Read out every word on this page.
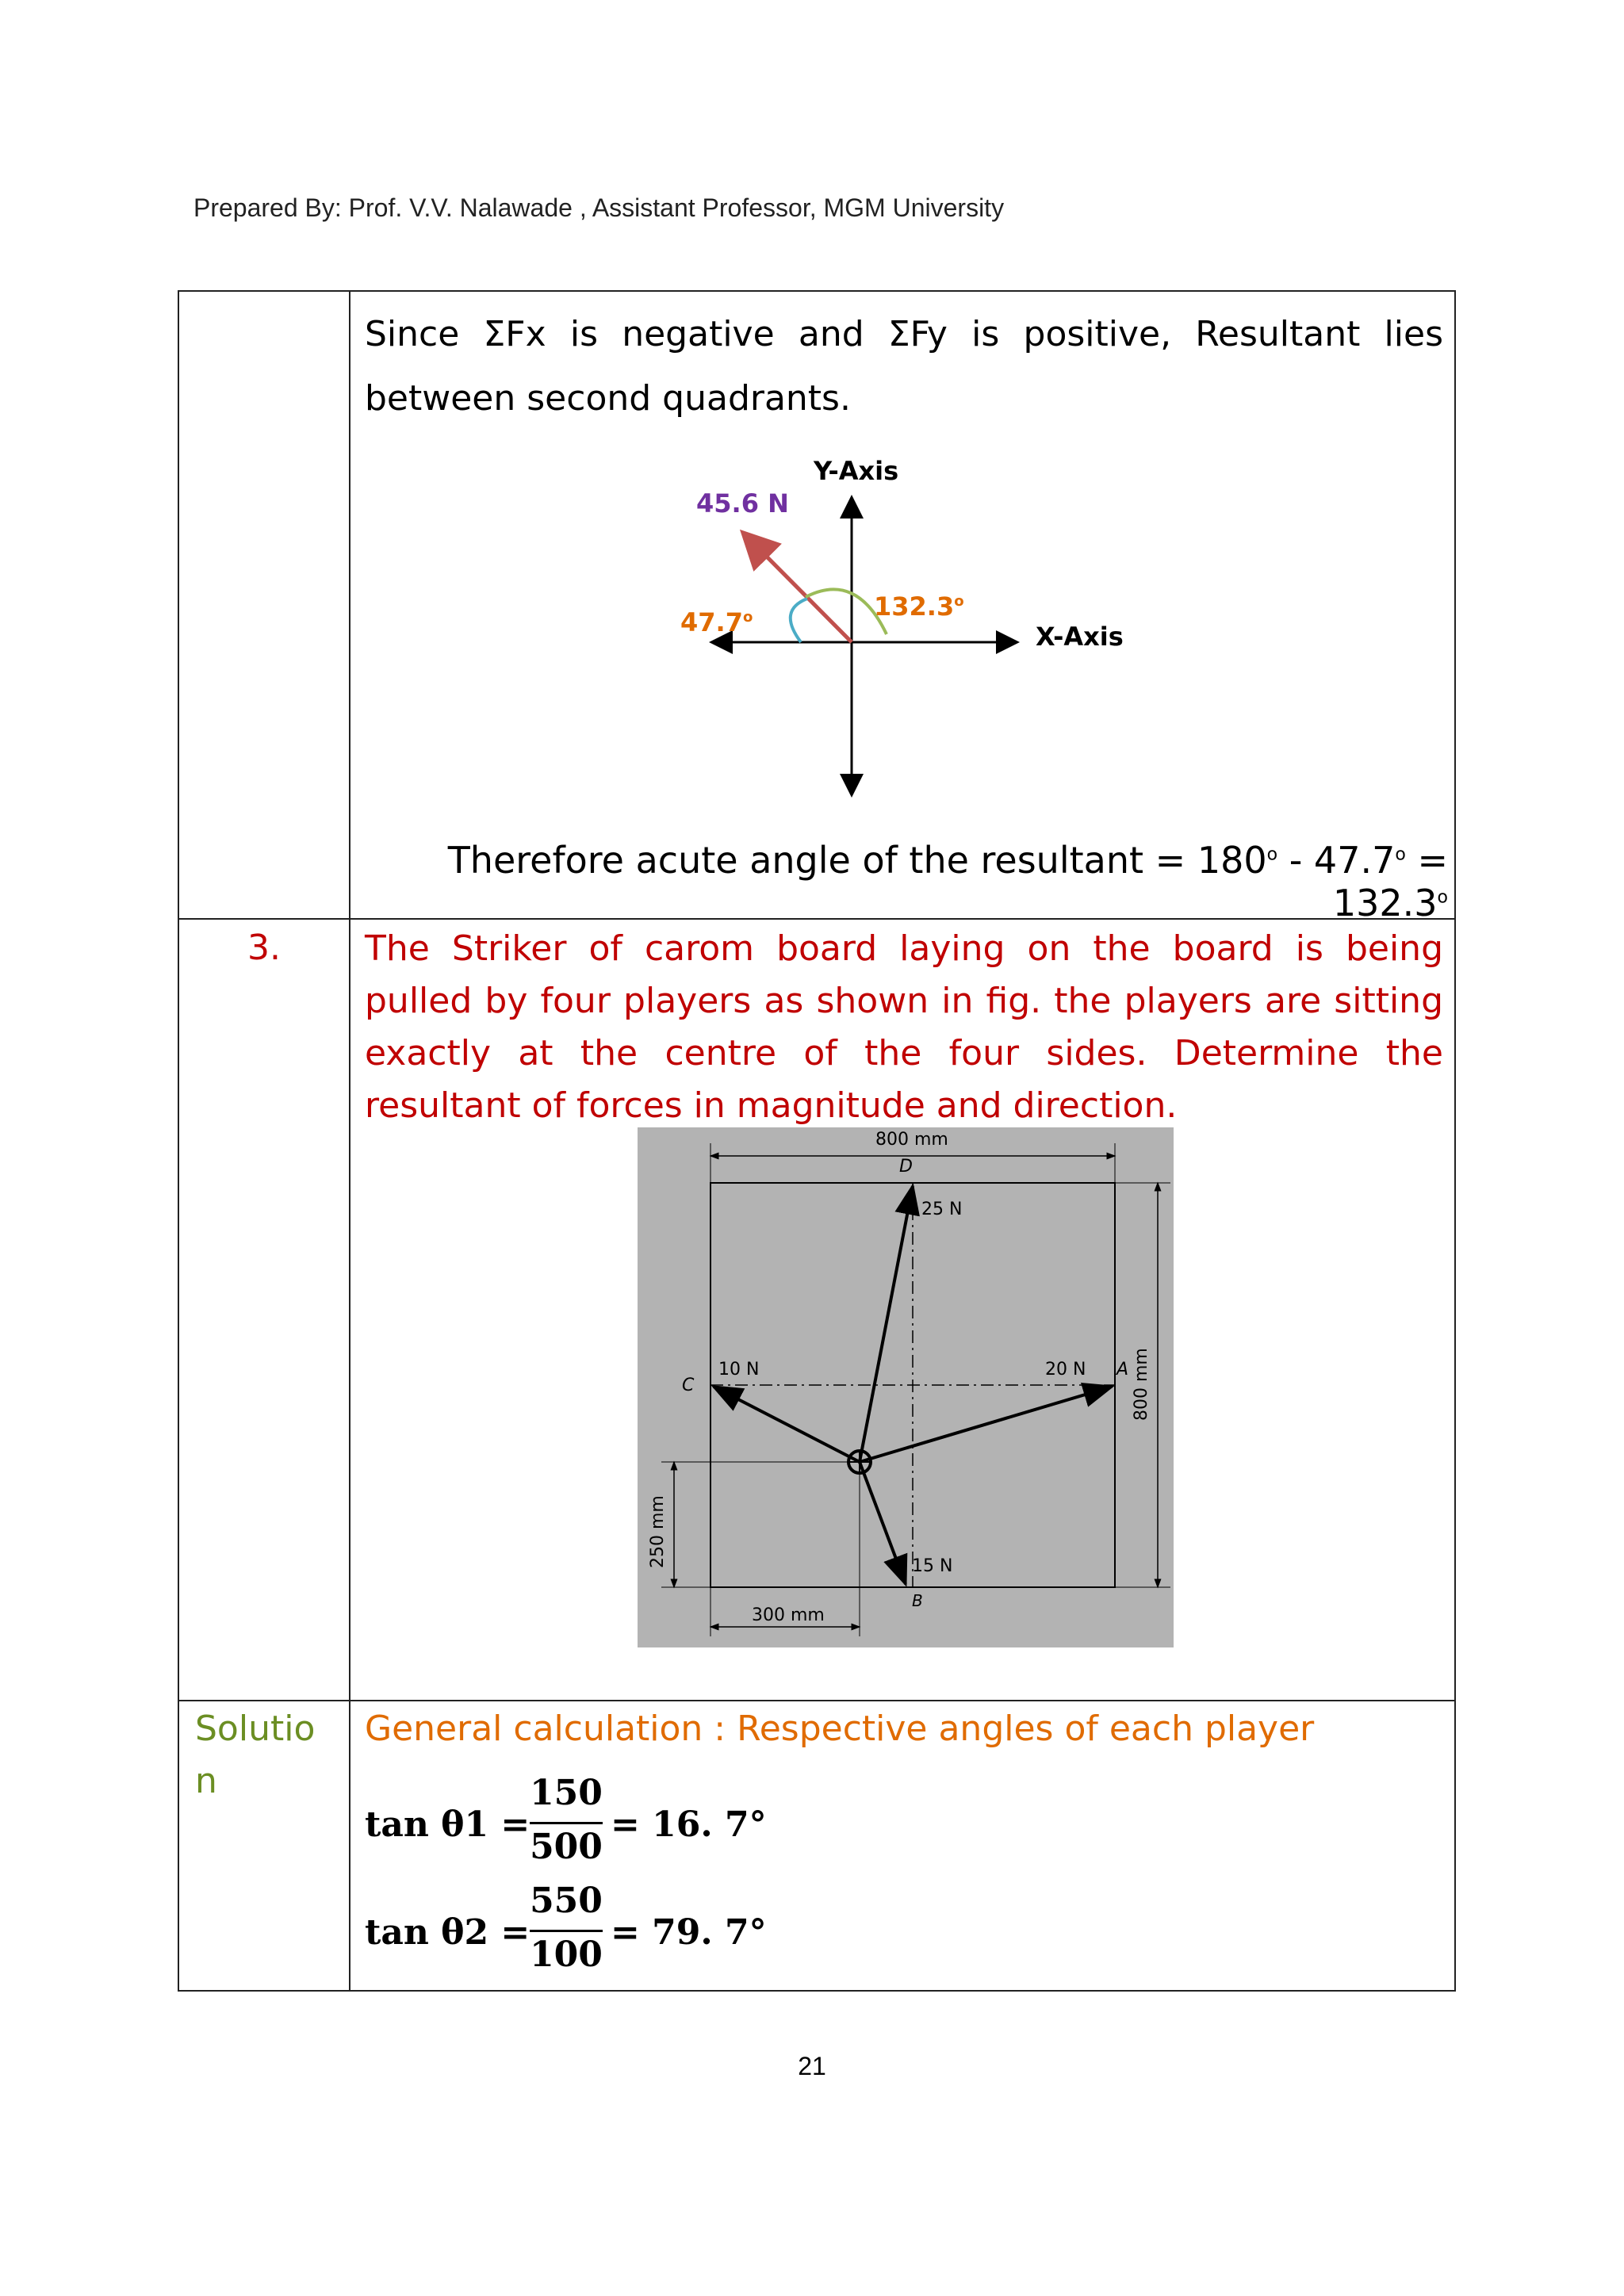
Prepared By: Prof. V.V. Nalawade , Assistant Professor, MGM University
Since ΣFx is negative and ΣFy is positive, Resultant lies
between second quadrants.
Y-Axis
X-Axis
45.6 N
47.7$^o$	132.3$^o$
Therefore acute angle of the resultant = $180^o - 47.7^o = 132.3^o$
3.	The Striker of carom board laying on the board is being
pulled by four players as shown in fig. the players are sitting
exactly at the centre of the four sides. Determine the
resultant of forces in magnitude and direction.
800 mm
D
25 N
C
10 N	20 N A
15 N
B
300 mm
800 mm
250 mm
Solutio
n
General calculation : Respective angles of each player
tan θ1 =
150
500
= 16. 7°
tan θ2 =
550
100
= 79. 7°
21
